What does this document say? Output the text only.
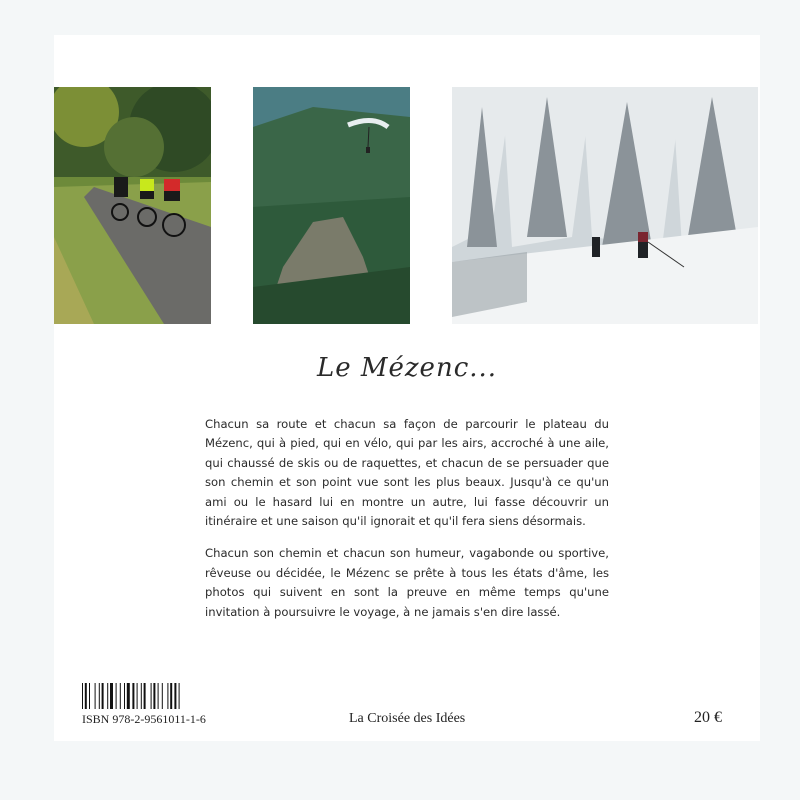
Le Mézenc...

Chacun sa route et chacun sa façon de parcourir le plateau du Mézenc, qui à pied, qui en vélo, qui par les airs, accroché à une aile, qui chaussé de skis ou de raquettes, et chacun de se persuader que son chemin et son point vue sont les plus beaux. Jusqu'à ce qu'un ami ou le hasard lui en montre un autre, lui fasse découvrir un itinéraire et une saison qu'il ignorait et qu'il fera siens désormais.

Chacun son chemin et chacun son humeur, vagabonde ou sportive, rêveuse ou décidée, le Mézenc se prête à tous les états d'âme, les photos qui suivent en sont la preuve en même temps qu'une invitation à poursuivre le voyage, à ne jamais s'en dire lassé.

ISBN 978-2-9561011-1-6	La Croisée des Idées	20 €
